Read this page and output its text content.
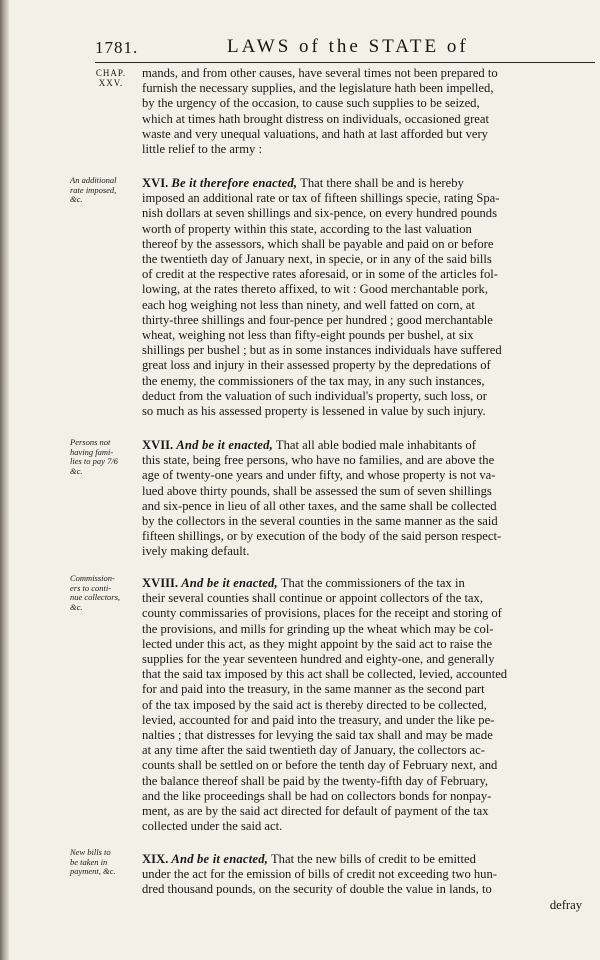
1781.	LAWS of the STATE of
CHAP.
XXV.
mands, and from other causes, have several times not been prepared to
furnish the necessary supplies, and the legislature hath been impelled,
by the urgency of the occasion, to cause such supplies to be seized,
which at times hath brought distress on individuals, occasioned great
waste and very unequal valuations, and hath at last afforded but very
little relief to the army :
An additional
rate imposed,
&c.
XVI. Be it therefore enacted, That there shall be and is hereby
imposed an additional rate or tax of fifteen shillings specie, rating Spa-
nish dollars at seven shillings and six-pence, on every hundred pounds
worth of property within this state, according to the last valuation
thereof by the assessors, which shall be payable and paid on or before
the twentieth day of January next, in specie, or in any of the said bills
of credit at the respective rates aforesaid, or in some of the articles fol-
lowing, at the rates thereto affixed, to wit : Good merchantable pork,
each hog weighing not less than ninety, and well fatted on corn, at
thirty-three shillings and four-pence per hundred ; good merchantable
wheat, weighing not less than fifty-eight pounds per bushel, at six
shillings per bushel ; but as in some instances individuals have suffered
great loss and injury in their assessed property by the depredations of
the enemy, the commissioners of the tax may, in any such instances,
deduct from the valuation of such individual's property, such loss, or
so much as his assessed property is lessened in value by such injury.
Persons not
having fami-
lies to pay 7/6
&c.
XVII. And be it enacted, That all able bodied male inhabitants of
this state, being free persons, who have no families, and are above the
age of twenty-one years and under fifty, and whose property is not va-
lued above thirty pounds, shall be assessed the sum of seven shillings
and six-pence in lieu of all other taxes, and the same shall be collected
by the collectors in the several counties in the same manner as the said
fifteen shillings, or by execution of the body of the said person respect-
ively making default.
Commission-
ers to conti-
nue collectors,
&c.
XVIII. And be it enacted, That the commissioners of the tax in
their several counties shall continue or appoint collectors of the tax,
county commissaries of provisions, places for the receipt and storing of
the provisions, and mills for grinding up the wheat which may be col-
lected under this act, as they might appoint by the said act to raise the
supplies for the year seventeen hundred and eighty-one, and generally
that the said tax imposed by this act shall be collected, levied, accounted
for and paid into the treasury, in the same manner as the second part
of the tax imposed by the said act is thereby directed to be collected,
levied, accounted for and paid into the treasury, and under the like pe-
nalties ; that distresses for levying the said tax shall and may be made
at any time after the said twentieth day of January, the collectors ac-
counts shall be settled on or before the tenth day of February next, and
the balance thereof shall be paid by the twenty-fifth day of February,
and the like proceedings shall be had on collectors bonds for nonpay-
ment, as are by the said act directed for default of payment of the tax
collected under the said act.
New bills to
be taken in
payment, &c.
XIX. And be it enacted, That the new bills of credit to be emitted
under the act for the emission of bills of credit not exceeding two hun-
dred thousand pounds, on the security of double the value in lands, to
defray
